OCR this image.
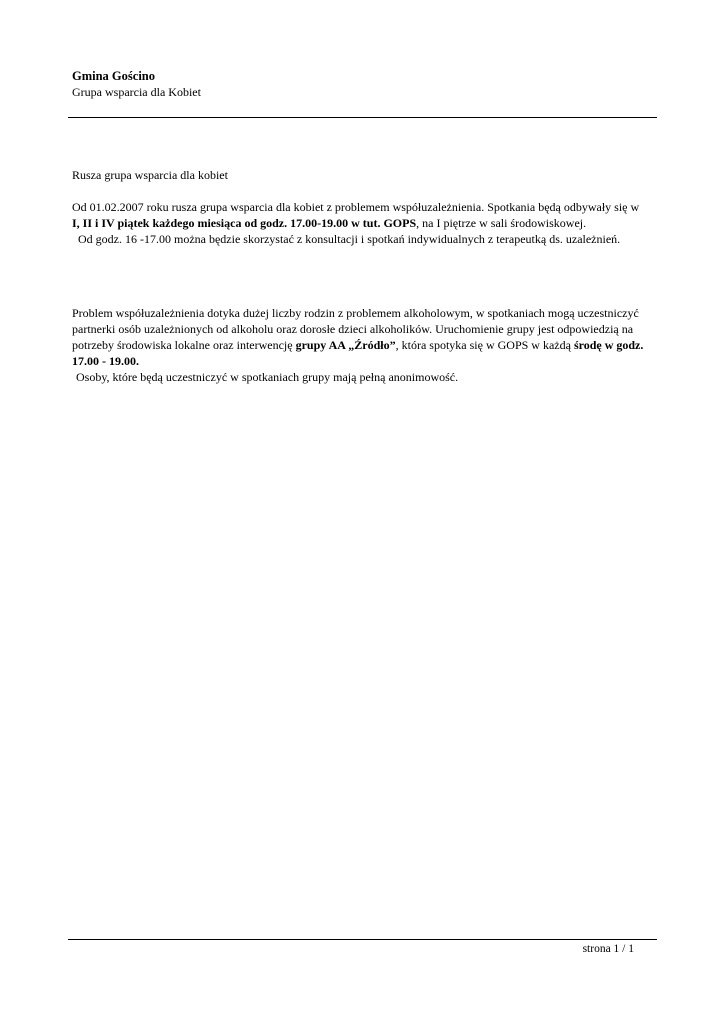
Gmina Gościno
Grupa wsparcia dla Kobiet
Rusza grupa wsparcia dla kobiet
Od 01.02.2007 roku rusza grupa wsparcia dla kobiet z problemem współuzależnienia. Spotkania będą odbywały się w
I, II i IV piątek każdego miesiąca od godz. 17.00-19.00 w tut. GOPS, na I piętrze w sali środowiskowej.
Od godz. 16 -17.00 można będzie skorzystać z konsultacji i spotkań indywidualnych z terapeutką ds. uzależnień.
Problem współuzależnienia dotyka dużej liczby rodzin z problemem alkoholowym, w spotkaniach mogą uczestniczyć
partnerki osób uzależnionych od alkoholu oraz dorosłe dzieci alkoholików. Uruchomienie grupy jest odpowiedzią na
potrzeby środowiska lokalne oraz interwencję grupy AA „Źródło”, która spotyka się w GOPS w każdą środę w godz.
17.00 - 19.00.
Osoby, które będą uczestniczyć w spotkaniach grupy mają pełną anonimowość.
strona 1 / 1
